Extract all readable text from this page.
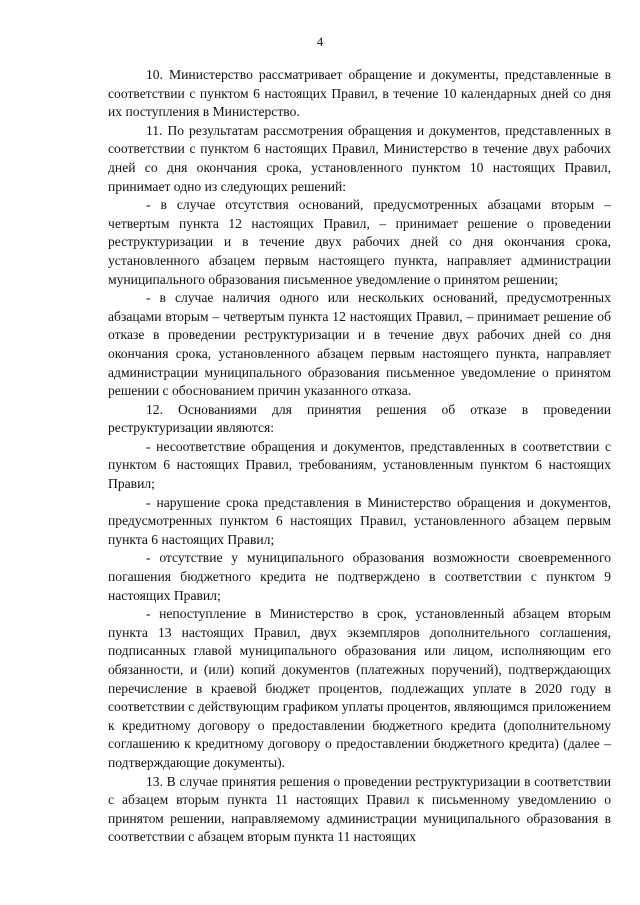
4

10. Министерство рассматривает обращение и документы, представленные в соответствии с пунктом 6 настоящих Правил, в течение 10 календарных дней со дня их поступления в Министерство.

11. По результатам рассмотрения обращения и документов, представленных в соответствии с пунктом 6 настоящих Правил, Министерство в течение двух рабочих дней со дня окончания срока, установленного пунктом 10 настоящих Правил, принимает одно из следующих решений:

- в случае отсутствия оснований, предусмотренных абзацами вторым – четвертым пункта 12 настоящих Правил, – принимает решение о проведении реструктуризации и в течение двух рабочих дней со дня окончания срока, установленного абзацем первым настоящего пункта, направляет администрации муниципального образования письменное уведомление о принятом решении;

- в случае наличия одного или нескольких оснований, предусмотренных абзацами вторым – четвертым пункта 12 настоящих Правил, – принимает решение об отказе в проведении реструктуризации и в течение двух рабочих дней со дня окончания срока, установленного абзацем первым настоящего пункта, направляет администрации муниципального образования письменное уведомление о принятом решении с обоснованием причин указанного отказа.

12. Основаниями для принятия решения об отказе в проведении реструктуризации являются:

- несоответствие обращения и документов, представленных в соответствии с пунктом 6 настоящих Правил, требованиям, установленным пунктом 6 настоящих Правил;

- нарушение срока представления в Министерство обращения и документов, предусмотренных пунктом 6 настоящих Правил, установленного абзацем первым пункта 6 настоящих Правил;

- отсутствие у муниципального образования возможности своевременного погашения бюджетного кредита не подтверждено в соответствии с пунктом 9 настоящих Правил;

- непоступление в Министерство в срок, установленный абзацем вторым пункта 13 настоящих Правил, двух экземпляров дополнительного соглашения, подписанных главой муниципального образования или лицом, исполняющим его обязанности, и (или) копий документов (платежных поручений), подтверждающих перечисление в краевой бюджет процентов, подлежащих уплате в 2020 году в соответствии с действующим графиком уплаты процентов, являющимся приложением к кредитному договору о предоставлении бюджетного кредита (дополнительному соглашению к кредитному договору о предоставлении бюджетного кредита) (далее – подтверждающие документы).

13. В случае принятия решения о проведении реструктуризации в соответствии с абзацем вторым пункта 11 настоящих Правил к письменному уведомлению о принятом решении, направляемому администрации муниципального образования в соответствии с абзацем вторым пункта 11 настоящих
